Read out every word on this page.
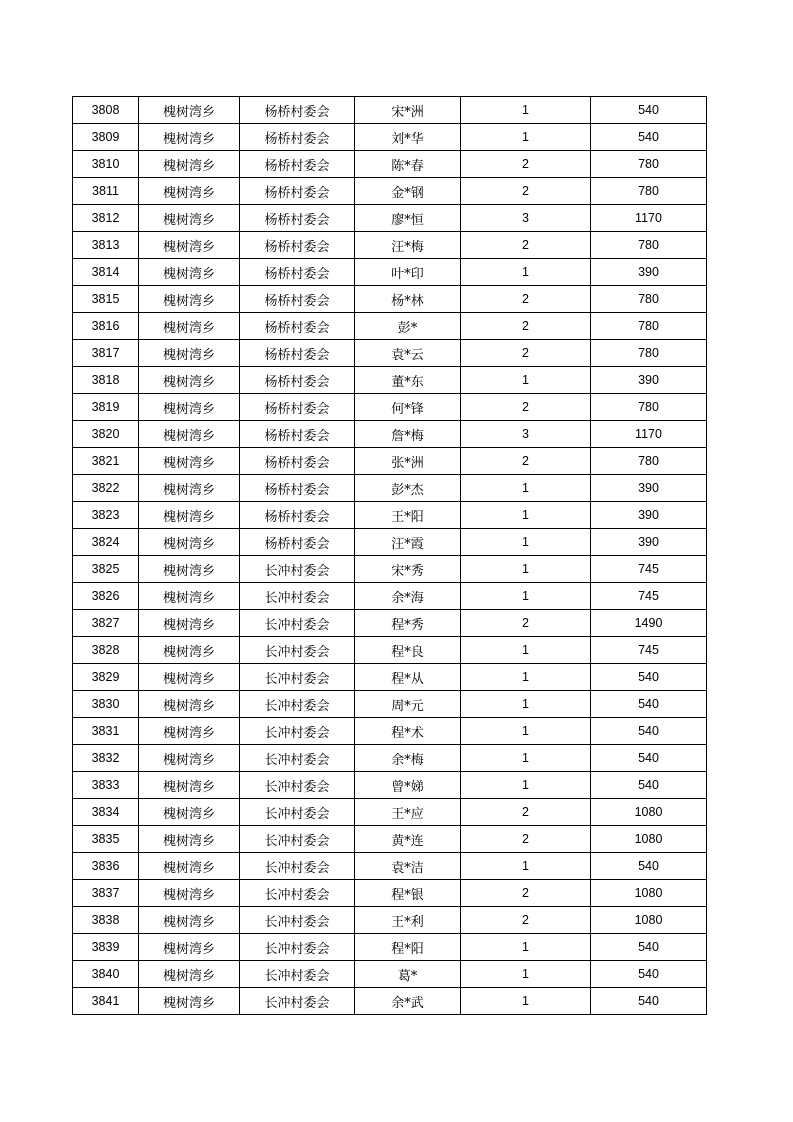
3808	槐树湾乡	杨桥村委会	宋*洲	1	540
3809	槐树湾乡	杨桥村委会	刘*华	1	540
3810	槐树湾乡	杨桥村委会	陈*春	2	780
3811	槐树湾乡	杨桥村委会	金*钢	2	780
3812	槐树湾乡	杨桥村委会	廖*恒	3	1170
3813	槐树湾乡	杨桥村委会	汪*梅	2	780
3814	槐树湾乡	杨桥村委会	叶*印	1	390
3815	槐树湾乡	杨桥村委会	杨*林	2	780
3816	槐树湾乡	杨桥村委会	彭*	2	780
3817	槐树湾乡	杨桥村委会	袁*云	2	780
3818	槐树湾乡	杨桥村委会	董*东	1	390
3819	槐树湾乡	杨桥村委会	何*锋	2	780
3820	槐树湾乡	杨桥村委会	詹*梅	3	1170
3821	槐树湾乡	杨桥村委会	张*洲	2	780
3822	槐树湾乡	杨桥村委会	彭*杰	1	390
3823	槐树湾乡	杨桥村委会	王*阳	1	390
3824	槐树湾乡	杨桥村委会	汪*霞	1	390
3825	槐树湾乡	长冲村委会	宋*秀	1	745
3826	槐树湾乡	长冲村委会	余*海	1	745
3827	槐树湾乡	长冲村委会	程*秀	2	1490
3828	槐树湾乡	长冲村委会	程*良	1	745
3829	槐树湾乡	长冲村委会	程*从	1	540
3830	槐树湾乡	长冲村委会	周*元	1	540
3831	槐树湾乡	长冲村委会	程*术	1	540
3832	槐树湾乡	长冲村委会	余*梅	1	540
3833	槐树湾乡	长冲村委会	曾*娣	1	540
3834	槐树湾乡	长冲村委会	王*应	2	1080
3835	槐树湾乡	长冲村委会	黄*连	2	1080
3836	槐树湾乡	长冲村委会	袁*洁	1	540
3837	槐树湾乡	长冲村委会	程*银	2	1080
3838	槐树湾乡	长冲村委会	王*利	2	1080
3839	槐树湾乡	长冲村委会	程*阳	1	540
3840	槐树湾乡	长冲村委会	葛*	1	540
3841	槐树湾乡	长冲村委会	余*武	1	540
